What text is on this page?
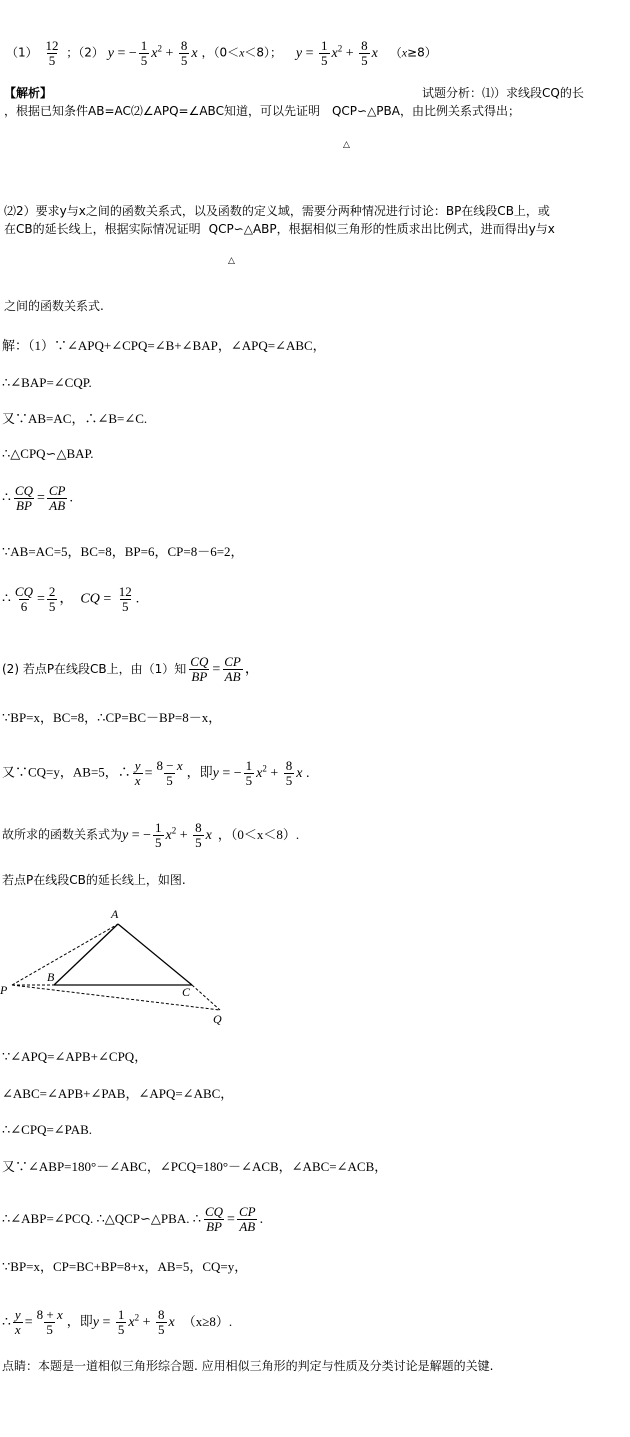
$(1) \frac{12}{5}$ ；（2） y = − $\frac{1}{5} x^2 + \frac{8}{5}$ x ，（0＜x＜8）； $y = \frac{1}{5} x^2 + \frac{8}{5}$ x （x≥8）
【解析】	试题分析：⑴）求线段CQ的长
，根据已知条件AB=AC⑵∠APQ=∠ABC知道，可以先证明 QCP∽△PBA，由比例关系式得出；
△
⑵2）要求y与x之间的函数关系式，以及函数的定义域，需要分两种情况进行讨论：BP在线段CB上，或
在CB的延长线上，根据实际情况证明 QCP∽△ABP，根据相似三角形的性质求出比例式，进而得出y与x
△
之间的函数关系式.
解：（1）∵∠APQ+∠CPQ=∠B+∠BAP，∠APQ=∠ABC，
∴∠BAP=∠CQP.
又∵AB=AC，∴∠B=∠C.
∴△CPQ∽△BAP.
∴ $\frac{CQ}{BP} = \frac{CP}{AB}$ .
∵AB=AC=5，BC=8，BP=6，CP=8－6=2，
∴ $\frac{CQ}{6} = \frac{2}{5}$ ，  CQ = $\frac{12}{5}$ .
(2) 若点P在线段CB上，由（1）知 $\frac{CQ}{BP} = \frac{CP}{AB}$ ，
∵BP=x，BC=8，∴CP=BC－BP=8－x，
又∵CQ=y，AB=5，∴ $\frac{y}{x} = \frac{8 - x}{5}$ ，即y = − $\frac{1}{5} x^2 + \frac{8}{5}$ x .
故所求的函数关系式为y = − $\frac{1}{5} x^2 + \frac{8}{5}$ x ，（0＜x＜8）.
若点P在线段CB的延长线上，如图.
A
B
C
P
Q
∵∠APQ=∠APB+∠CPQ，
∠ABC=∠APB+∠PAB，∠APQ=∠ABC，
∴∠CPQ=∠PAB.
又∵∠ABP=180°－∠ABC，∠PCQ=180°－∠ACB，∠ABC=∠ACB，
∴∠ABP=∠PCQ. ∴△QCP∽△PBA. ∴ $\frac{CQ}{BP} = \frac{CP}{AB}$ .
∵BP=x，CP=BC+BP=8+x，AB=5，CQ=y，
∴ $\frac{y}{x} = \frac{8 + x}{5}$ ，即$y = \frac{1}{5} x^2 + \frac{8}{5}$ x （x≥8）.
点睛：本题是一道相似三角形综合题. 应用相似三角形的判定与性质及分类讨论是解题的关键.
